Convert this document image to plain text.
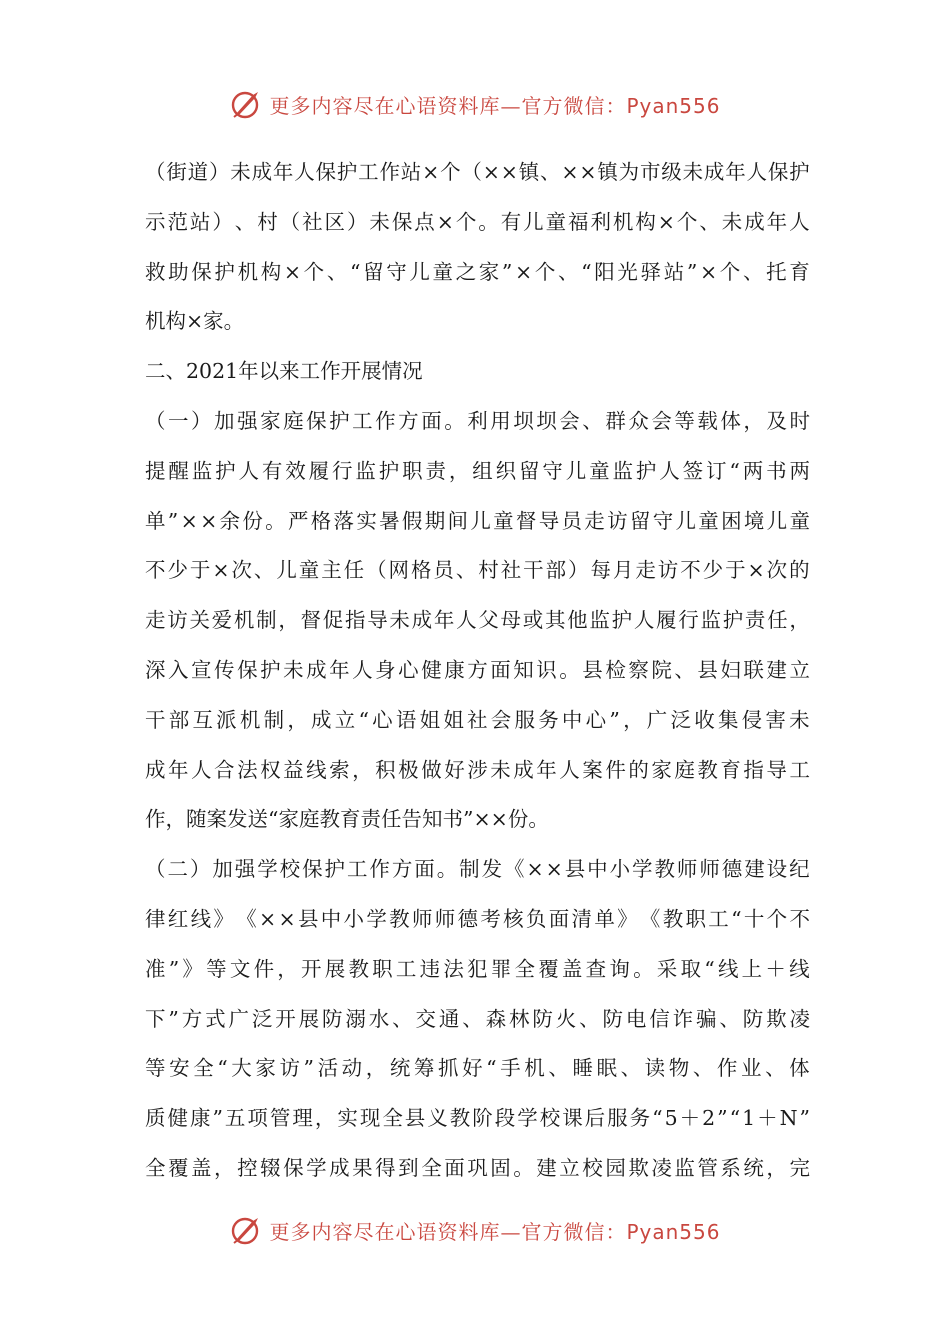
更多内容尽在心语资料库—官方微信：Pyan556
（ 街 道 ） 未 成 年 人 保 护 工 作 站 × 个 （ × × 镇 、 × × 镇 为 市 级 未 成 年 人 保 护
示 范 站 ） 、 村 （ 社 区 ） 未 保 点 × 个 。 有 儿 童 福 利 机 构 × 个 、 未 成 年 人
救 助 保 护 机 构 × 个 、 “ 留 守 儿 童 之 家 ” × 个 、 “ 阳 光 驿 站 ” × 个 、 托 育
机构×家。
二、2021年以来工作开展情况
（ 一 ） 加 强 家 庭 保 护 工 作 方 面 。 利 用 坝 坝 会 、 群 众 会 等 载 体 ， 及 时
提 醒 监 护 人 有 效 履 行 监 护 职 责 ， 组 织 留 守 儿 童 监 护 人 签 订 “ 两 书 两
单 ” × × 余 份 。 严 格 落 实 暑 假 期 间 儿 童 督 导 员 走 访 留 守 儿 童 困 境 儿 童
不 少 于 × 次 、 儿 童 主 任 （ 网 格 员 、 村 社 干 部 ） 每 月 走 访 不 少 于 × 次 的
走 访 关 爱 机 制 ， 督 促 指 导 未 成 年 人 父 母 或 其 他 监 护 人 履 行 监 护 责 任 ，
深 入 宣 传 保 护 未 成 年 人 身 心 健 康 方 面 知 识 。 县 检 察 院 、 县 妇 联 建 立
干 部 互 派 机 制 ， 成 立 “ 心 语 姐 姐 社 会 服 务 中 心 ” ， 广 泛 收 集 侵 害 未
成 年 人 合 法 权 益 线 索 ， 积 极 做 好 涉 未 成 年 人 案 件 的 家 庭 教 育 指 导 工
作，随案发送“家庭教育责任告知书”××份。
（ 二 ） 加 强 学 校 保 护 工 作 方 面 。 制 发 《 × × 县 中 小 学 教 师 师 德 建 设 纪
律 红 线 》 《 × × 县 中 小 学 教 师 师 德 考 核 负 面 清 单 》 《 教 职 工 “ 十 个 不
准 ” 》 等 文 件 ， 开 展 教 职 工 违 法 犯 罪 全 覆 盖 查 询 。 采 取 “ 线 上 ＋ 线
下 ” 方 式 广 泛 开 展 防 溺 水 、 交 通 、 森 林 防 火 、 防 电 信 诈 骗 、 防 欺 凌
等 安 全 “ 大 家 访 ” 活 动 ， 统 筹 抓 好 “ 手 机 、 睡 眠 、 读 物 、 作 业 、 体
质 健 康 ” 五 项 管 理 ， 实 现 全 县 义 教 阶 段 学 校 课 后 服 务 “ 5 ＋ 2 ” “ 1 ＋ N ”
全 覆 盖 ， 控 辍 保 学 成 果 得 到 全 面 巩 固 。 建 立 校 园 欺 凌 监 管 系 统 ， 完
更多内容尽在心语资料库—官方微信：Pyan556
